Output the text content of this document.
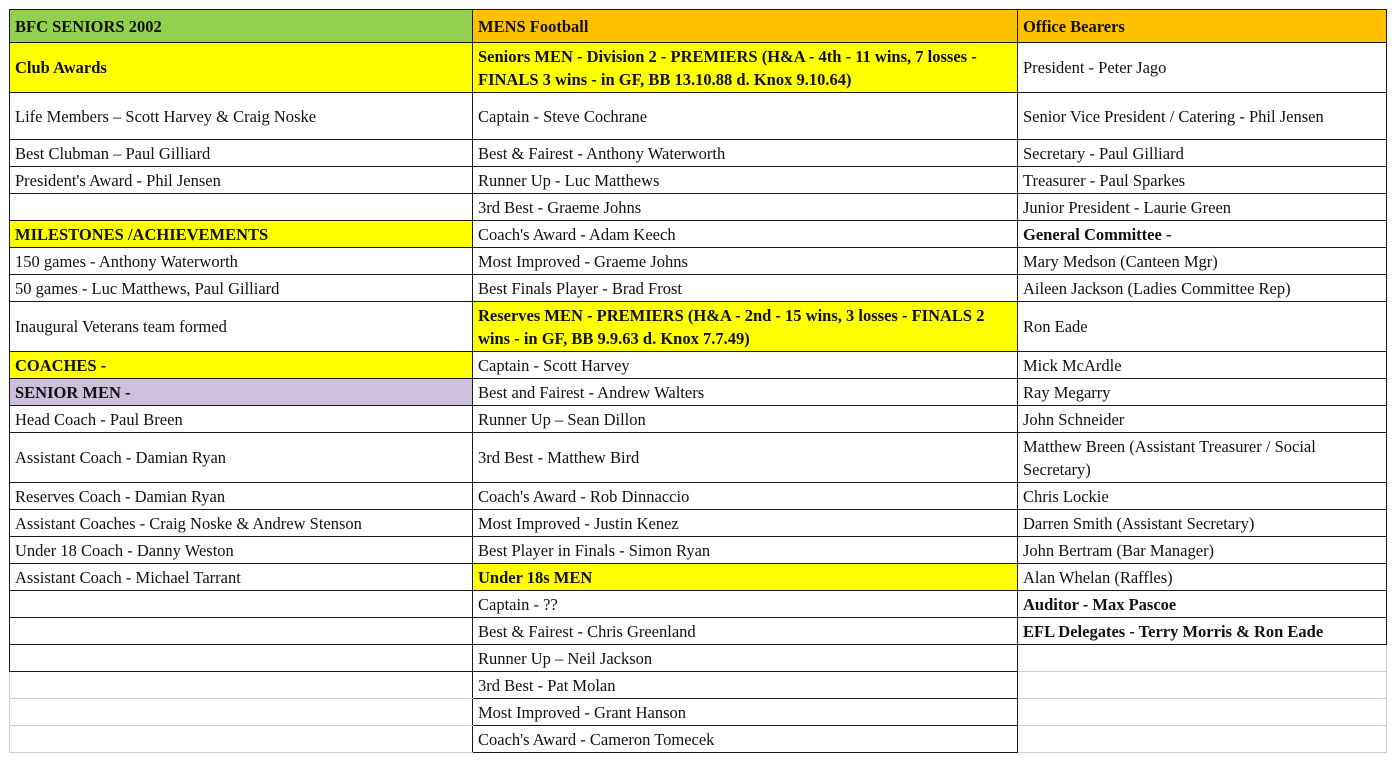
BFC SENIORS 2002	MENS Football	Office Bearers
Club Awards	Seniors MEN - Division 2 - PREMIERS (H&A - 4th - 11 wins, 7 losses - FINALS 3 wins - in GF, BB 13.10.88 d. Knox 9.10.64)	President - Peter Jago
Life Members – Scott Harvey & Craig Noske	Captain - Steve Cochrane	Senior Vice President / Catering - Phil Jensen
Best Clubman – Paul Gilliard	Best & Fairest - Anthony Waterworth	Secretary - Paul Gilliard
President's Award - Phil Jensen	Runner Up - Luc Matthews	Treasurer - Paul Sparkes
	3rd Best - Graeme Johns	Junior President - Laurie Green
MILESTONES /ACHIEVEMENTS	Coach's Award - Adam Keech	General Committee -
150 games - Anthony Waterworth	Most Improved - Graeme Johns	Mary Medson (Canteen Mgr)
50 games - Luc Matthews, Paul Gilliard	Best Finals Player - Brad Frost	Aileen Jackson (Ladies Committee Rep)
Inaugural Veterans team formed	Reserves MEN - PREMIERS (H&A - 2nd - 15 wins, 3 losses - FINALS 2 wins - in GF, BB 9.9.63 d. Knox 7.7.49)	Ron Eade
COACHES -	Captain - Scott Harvey	Mick McArdle
SENIOR MEN -	Best and Fairest - Andrew Walters	Ray Megarry
Head Coach - Paul Breen	Runner Up – Sean Dillon	John Schneider
Assistant Coach - Damian Ryan	3rd Best - Matthew Bird	Matthew Breen (Assistant Treasurer / Social Secretary)
Reserves Coach - Damian Ryan	Coach's Award - Rob Dinnaccio	Chris Lockie
Assistant Coaches - Craig Noske & Andrew Stenson	Most Improved - Justin Kenez	Darren Smith (Assistant Secretary)
Under 18 Coach - Danny Weston	Best Player in Finals - Simon Ryan	John Bertram (Bar Manager)
Assistant Coach - Michael Tarrant	Under 18s MEN	Alan Whelan (Raffles)
	Captain - ??	Auditor - Max Pascoe
	Best & Fairest - Chris Greenland	EFL Delegates - Terry Morris & Ron Eade
	Runner Up – Neil Jackson	
	3rd Best - Pat Molan	
	Most Improved - Grant Hanson	
	Coach's Award - Cameron Tomecek	
